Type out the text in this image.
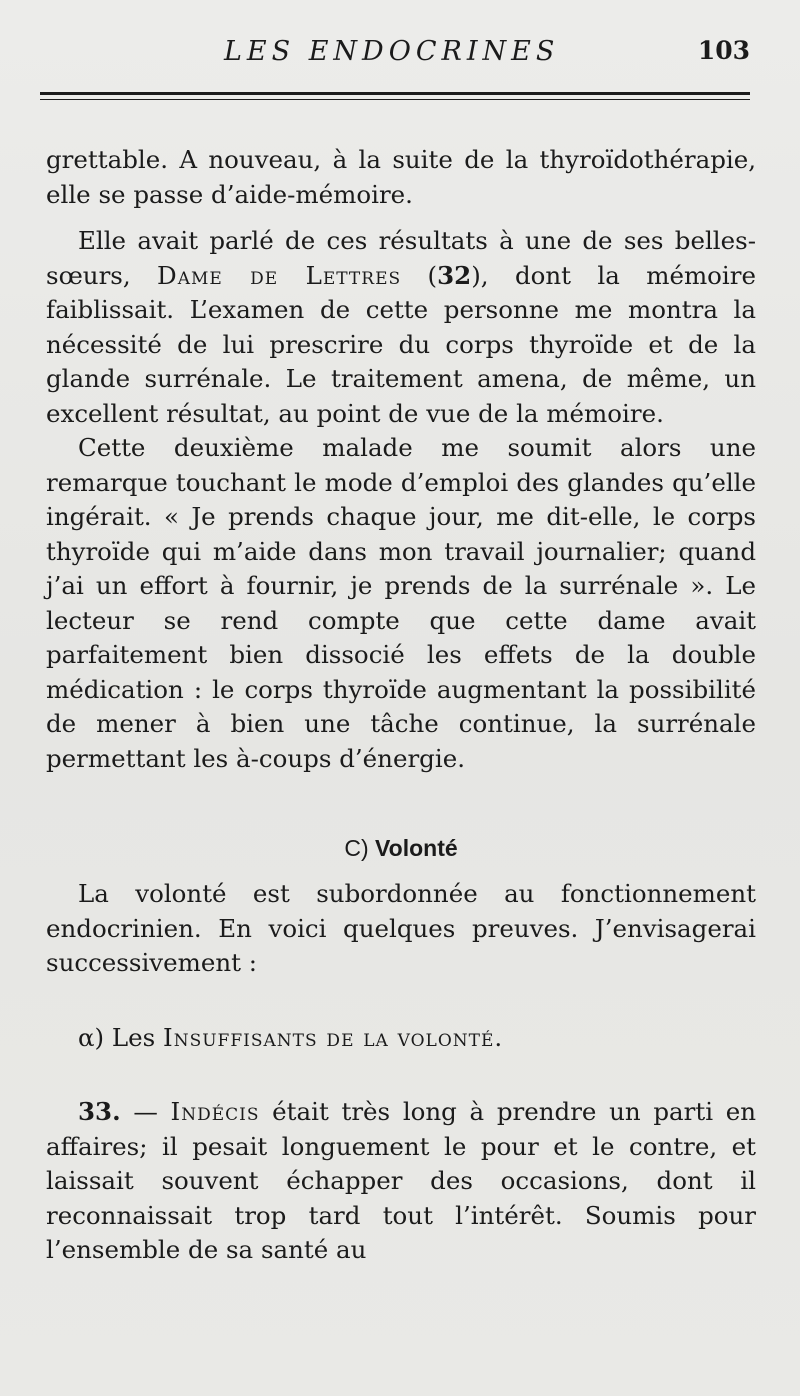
LES ENDOCRINES	103

grettable. A nouveau, à la suite de la thyroïdothérapie, elle se passe d’aide-mémoire.

Elle avait parlé de ces résultats à une de ses belles-sœurs, Dame de Lettres (32), dont la mémoire faiblissait. L’examen de cette personne me montra la nécessité de lui prescrire du corps thyroïde et de la glande surrénale. Le traitement amena, de même, un excellent résultat, au point de vue de la mémoire.

Cette deuxième malade me soumit alors une remarque touchant le mode d’emploi des glandes qu’elle ingérait. « Je prends chaque jour, me dit-elle, le corps thyroïde qui m’aide dans mon travail journalier; quand j’ai un effort à fournir, je prends de la surrénale ». Le lecteur se rend compte que cette dame avait parfaitement bien dissocié les effets de la double médication : le corps thyroïde augmentant la possibilité de mener à bien une tâche continue, la surrénale permettant les à-coups d’énergie.

C) Volonté

La volonté est subordonnée au fonctionnement endocrinien. En voici quelques preuves. J’envisagerai successivement :

α) Les Insuffisants de la volonté.

33. — Indécis était très long à prendre un parti en affaires; il pesait longuement le pour et le contre, et laissait souvent échapper des occasions, dont il reconnaissait trop tard tout l’intérêt. Soumis pour l’ensemble de sa santé au
